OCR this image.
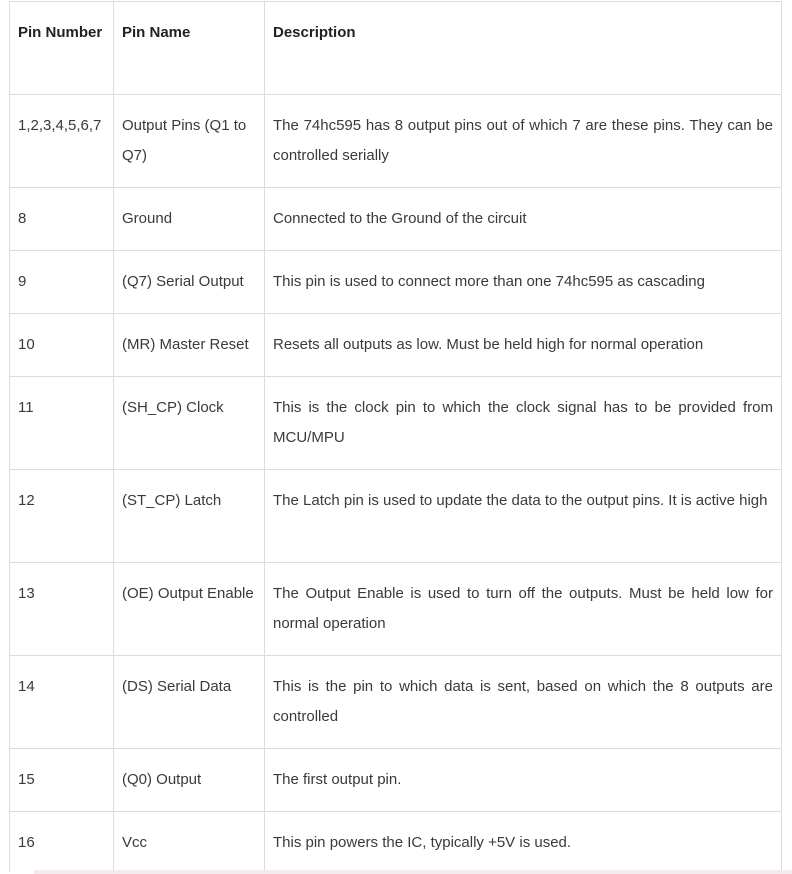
Pin Number	Pin Name	Description
1,2,3,4,5,6,7	Output Pins (Q1 to Q7)	The 74hc595 has 8 output pins out of which 7 are these pins. They can be controlled serially
8	Ground	Connected to the Ground of the circuit
9	(Q7) Serial Output	This pin is used to connect more than one 74hc595 as cascading
10	(MR) Master Reset	Resets all outputs as low. Must be held high for normal operation
11	(SH_CP) Clock	This is the clock pin to which the clock signal has to be provided from MCU/MPU
12	(ST_CP) Latch	The Latch pin is used to update the data to the output pins. It is active high
13	(OE) Output Enable	The Output Enable is used to turn off the outputs. Must be held low for normal operation
14	(DS) Serial Data	This is the pin to which data is sent, based on which the 8 outputs are controlled
15	(Q0) Output	The first output pin.
16	Vcc	This pin powers the IC, typically +5V is used.
